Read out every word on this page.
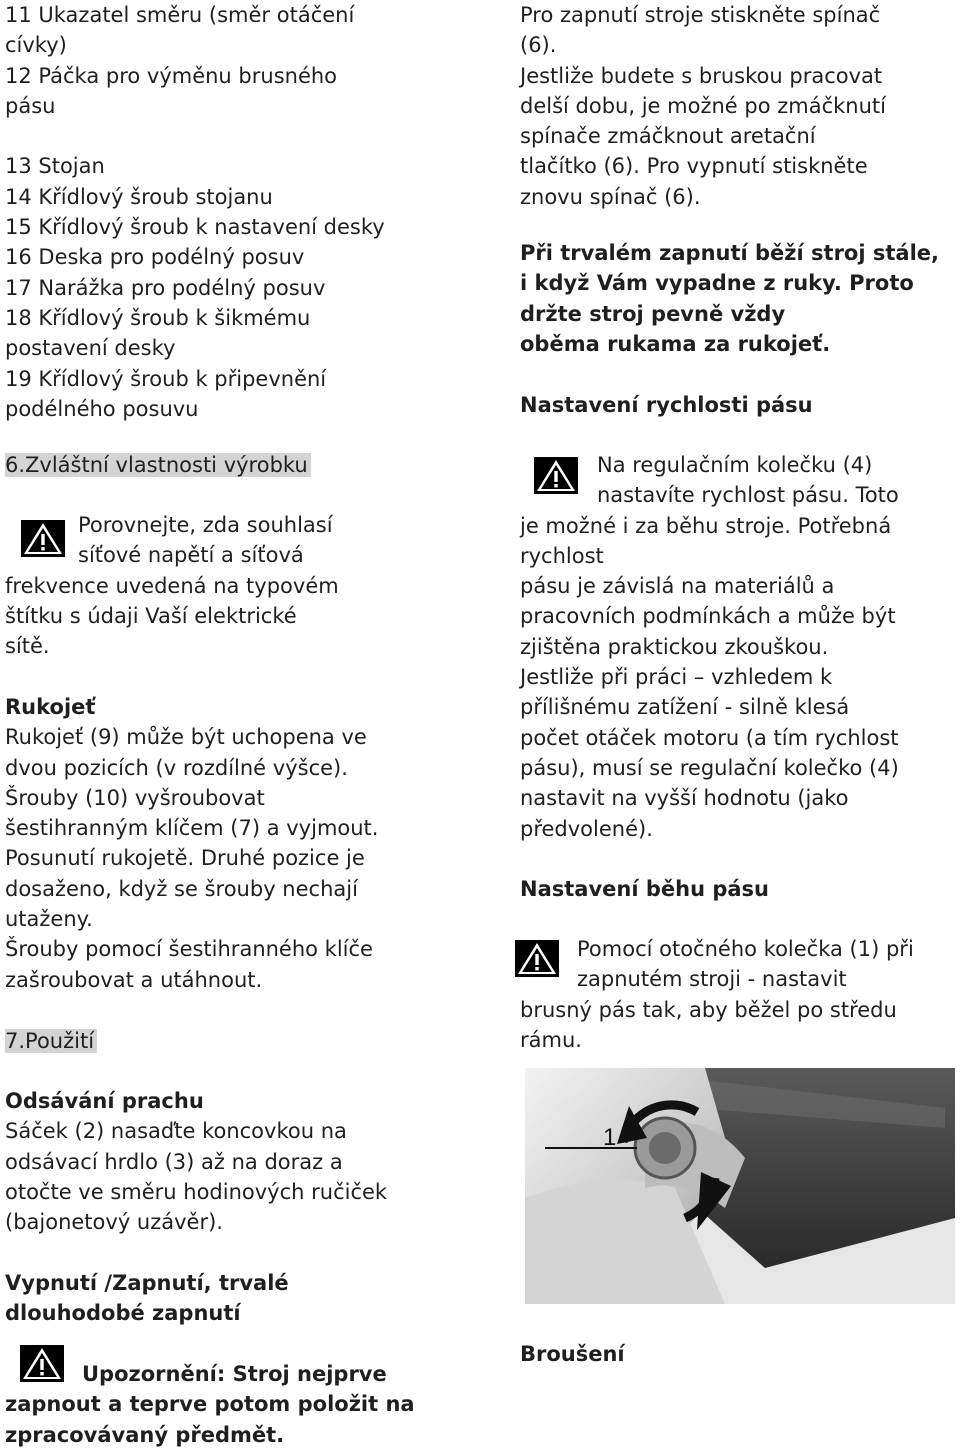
11 Ukazatel směru (směr otáčení
cívky)
12 Páčka pro výměnu brusného
pásu
13 Stojan
14 Křídlový šroub stojanu
15 Křídlový šroub k nastavení desky
16 Deska pro podélný posuv
17 Narážka pro podélný posuv
18 Křídlový šroub k šikmému
postavení desky
19 Křídlový šroub k připevnění
podélného posuvu
6.Zvláštní vlastnosti výrobku
Porovnejte, zda souhlasí
síťové napětí a síťová
frekvence uvedená na typovém
štítku s údaji Vaší elektrické
sítě.
Rukojeť
Rukojeť (9) může být uchopena ve
dvou pozicích (v rozdílné výšce).
Šrouby (10) vyšroubovat
šestihranným klíčem (7) a vyjmout.
Posunutí rukojetě. Druhé pozice je
dosaženo, když se šrouby nechají
utaženy.
Šrouby pomocí šestihranného klíče
zašroubovat a utáhnout.
7.Použití
Odsávání prachu
Sáček (2) nasaďte koncovkou na
odsávací hrdlo (3) až na doraz a
otočte ve směru hodinových ručiček
(bajonetový uzávěr).
Vypnutí /Zapnutí, trvalé
dlouhodobé zapnutí
Upozornění: Stroj nejprve
zapnout a teprve potom položit na
zpracovávaný předmět.
Pro zapnutí stroje stiskněte spínač
(6).
Jestliže budete s bruskou pracovat
delší dobu, je možné po zmáčknutí
spínače zmáčknout aretační
tlačítko (6). Pro vypnutí stiskněte
znovu spínač (6).
Při trvalém zapnutí běží stroj stále,
i když Vám vypadne z ruky. Proto
držte stroj pevně vždy
oběma rukama za rukojeť.
Nastavení rychlosti pásu
Na regulačním kolečku (4)
nastavíte rychlost pásu. Toto
je možné i za běhu stroje. Potřebná
rychlost
pásu je závislá na materiálů a
pracovních podmínkách a může být
zjištěna praktickou zkouškou.
Jestliže při práci – vzhledem k
přílišnému zatížení - silně klesá
počet otáček motoru (a tím rychlost
pásu), musí se regulační kolečko (4)
nastavit na vyšší hodnotu (jako
předvolené).
Nastavení běhu pásu
Pomocí otočného kolečka (1) při
zapnutém stroji - nastavit
brusný pás tak, aby běžel po středu
rámu.
Broušení
1
